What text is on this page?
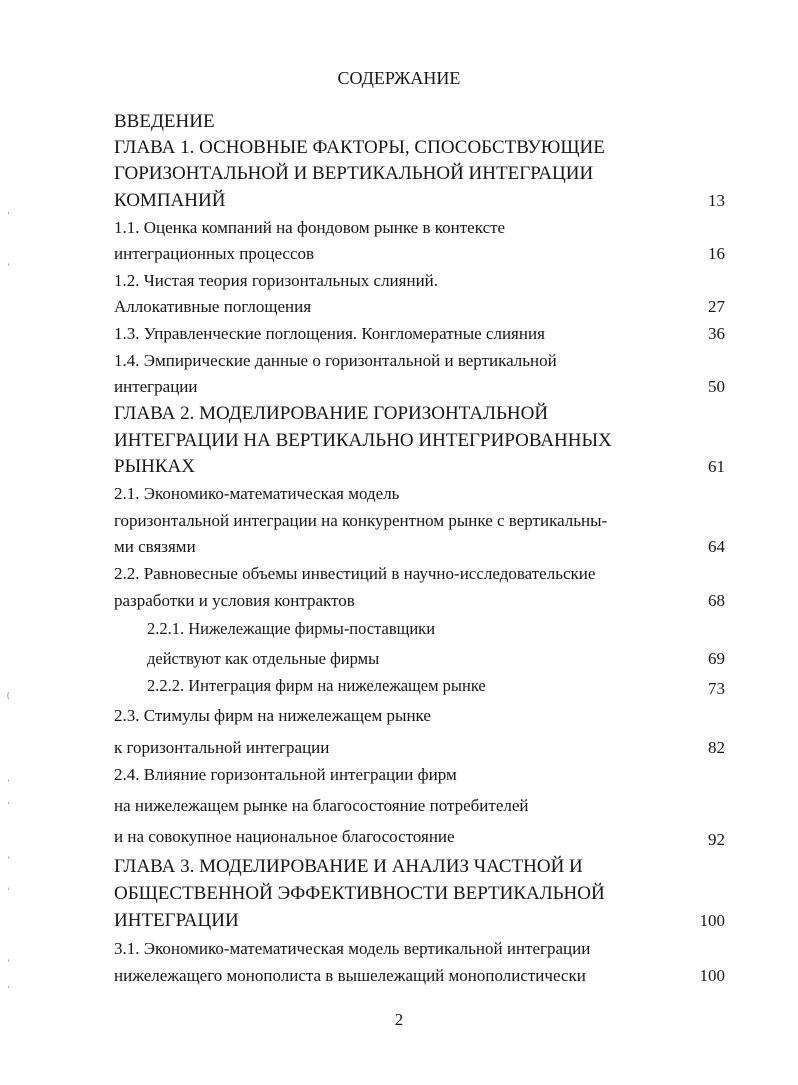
СОДЕРЖАНИЕ
ВВЕДЕНИЕ
ГЛАВА 1. ОСНОВНЫЕ ФАКТОРЫ, СПОСОБСТВУЮЩИЕ
ГОРИЗОНТАЛЬНОЙ И ВЕРТИКАЛЬНОЙ ИНТЕГРАЦИИ
КОМПАНИЙ	13
1.1. Оценка компаний на фондовом рынке в контексте
интеграционных процессов	16
1.2. Чистая теория горизонтальных слияний.
Аллокативные поглощения	27
1.3. Управленческие поглощения. Конгломератные слияния	36
1.4. Эмпирические данные о горизонтальной и вертикальной
интеграции	50
ГЛАВА 2. МОДЕЛИРОВАНИЕ ГОРИЗОНТАЛЬНОЙ
ИНТЕГРАЦИИ НА ВЕРТИКАЛЬНО ИНТЕГРИРОВАННЫХ
РЫНКАХ	61
2.1. Экономико-математическая модель
горизонтальной интеграции на конкурентном рынке с вертикальны-
ми связями	64
2.2. Равновесные объемы инвестиций в научно-исследовательские
разработки и условия контрактов	68
2.2.1. Нижележащие фирмы-поставщики
действуют как отдельные фирмы	69
2.2.2. Интеграция фирм на нижележащем рынке	73
2.3. Стимулы фирм на нижележащем рынке
к горизонтальной интеграции	82
2.4. Влияние горизонтальной интеграции фирм
на нижележащем рынке на благосостояние потребителей
и на совокупное национальное благосостояние	92
ГЛАВА 3. МОДЕЛИРОВАНИЕ И АНАЛИЗ ЧАСТНОЙ И
ОБЩЕСТВЕННОЙ ЭФФЕКТИВНОСТИ ВЕРТИКАЛЬНОЙ
ИНТЕГРАЦИИ	100
3.1. Экономико-математическая модель вертикальной интеграции
нижележащего монополиста в вышележащий монополистически	100
2
‘
’
(
’
‘
’
‘
’
‘
